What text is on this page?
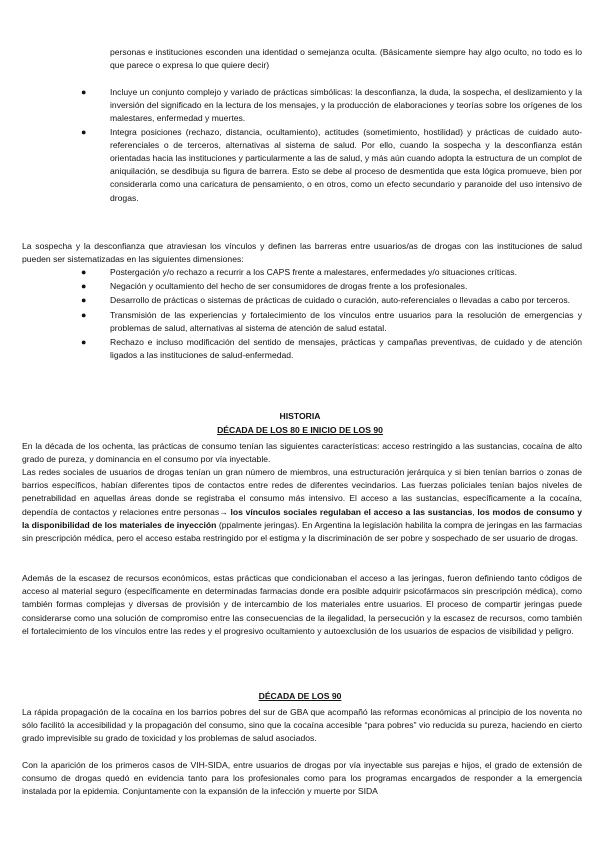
personas e instituciones esconden una identidad o semejanza oculta. (Básicamente siempre hay algo oculto, no todo es lo que parece o expresa lo que quiere decir)

●	Incluye un conjunto complejo y variado de prácticas simbólicas: la desconfianza, la duda, la sospecha, el deslizamiento y la inversión del significado en la lectura de los mensajes, y la producción de elaboraciones y teorías sobre los orígenes de los malestares, enfermedad y muertes.
●	Integra posiciones (rechazo, distancia, ocultamiento), actitudes (sometimiento, hostilidad) y prácticas de cuidado auto-referenciales o de terceros, alternativas al sistema de salud. Por ello, cuando la sospecha y la desconfianza están orientadas hacia las instituciones y particularmente a las de salud, y más aún cuando adopta la estructura de un complot de aniquilación, se desdibuja su figura de barrera. Esto se debe al proceso de desmentida que esta lógica promueve, bien por considerarla como una caricatura de pensamiento, o en otros, como un efecto secundario y paranoide del uso intensivo de drogas.

La sospecha y la desconfianza que atraviesan los vínculos y definen las barreras entre usuarios/as de drogas con las instituciones de salud pueden ser sistematizadas en las siguientes dimensiones:

●	Postergación y/o rechazo a recurrir a los CAPS frente a malestares, enfermedades y/o situaciones críticas.
●	Negación y ocultamiento del hecho de ser consumidores de drogas frente a los profesionales.
●	Desarrollo de prácticas o sistemas de prácticas de cuidado o curación, auto-referenciales o llevadas a cabo por terceros.
●	Transmisión de las experiencias y fortalecimiento de los vínculos entre usuarios para la resolución de emergencias y problemas de salud, alternativas al sistema de atención de salud estatal.
●	Rechazo e incluso modificación del sentido de mensajes, prácticas y campañas preventivas, de cuidado y de atención ligados a las instituciones de salud-enfermedad.
HISTORIA
DÉCADA DE LOS 80 E INICIO DE LOS 90

En la década de los ochenta, las prácticas de consumo tenían las siguientes características: acceso restringido a las sustancias, cocaína de alto grado de pureza, y dominancia en el consumo por vía inyectable.

Las redes sociales de usuarios de drogas tenían un gran número de miembros, una estructuración jerárquica y si bien tenían barrios o zonas de barrios específicos, habían diferentes tipos de contactos entre redes de diferentes vecindarios. Las fuerzas policiales tenían bajos niveles de penetrabilidad en aquellas áreas donde se registraba el consumo más intensivo. El acceso a las sustancias, específicamente a la cocaína, dependía de contactos y relaciones entre personas→ los vínculos sociales regulaban el acceso a las sustancias, los modos de consumo y la disponibilidad de los materiales de inyección (ppalmente jeringas). En Argentina la legislación habilita la compra de jeringas en las farmacias sin prescripción médica, pero el acceso estaba restringido por el estigma y la discriminación de ser pobre y sospechado de ser usuario de drogas.

Además de la escasez de recursos económicos, estas prácticas que condicionaban el acceso a las jeringas, fueron definiendo tanto códigos de acceso al material seguro (específicamente en determinadas farmacias donde era posible adquirir psicofármacos sin prescripción médica), como también formas complejas y diversas de provisión y de intercambio de los materiales entre usuarios. El proceso de compartir jeringas puede considerarse como una solución de compromiso entre las consecuencias de la ilegalidad, la persecución y la escasez de recursos, como también el fortalecimiento de los vínculos entre las redes y el progresivo ocultamiento y autoexclusión de los usuarios de espacios de visibilidad y peligro.

DÉCADA DE LOS 90

La rápida propagación de la cocaína en los barrios pobres del sur de GBA que acompañó las reformas económicas al principio de los noventa no sólo facilitó la accesibilidad y la propagación del consumo, sino que la cocaína accesible “para pobres” vio reducida su pureza, haciendo en cierto grado imprevisible su grado de toxicidad y los problemas de salud asociados.

Con la aparición de los primeros casos de VIH-SIDA, entre usuarios de drogas por vía inyectable sus parejas e hijos, el grado de extensión de consumo de drogas quedó en evidencia tanto para los profesionales como para los programas encargados de responder a la emergencia instalada por la epidemia. Conjuntamente con la expansión de la infección y muerte por SIDA
